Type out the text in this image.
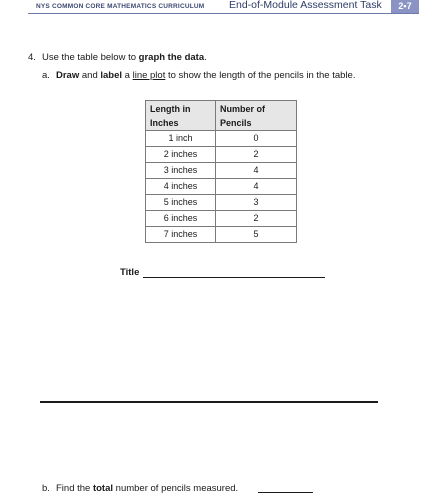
NYS COMMON CORE MATHEMATICS CURRICULUM End-of-Module Assessment Task	2•7
4. Use the table below to graph the data.
a. Draw and label a line plot to show the length of the pencils in the table.
Length in Inches	Number of Pencils
1 inch	0
2 inches	2
3 inches	4
4 inches	4
5 inches	3
6 inches	2
7 inches	5
Title
b. Find the total number of pencils measured.
